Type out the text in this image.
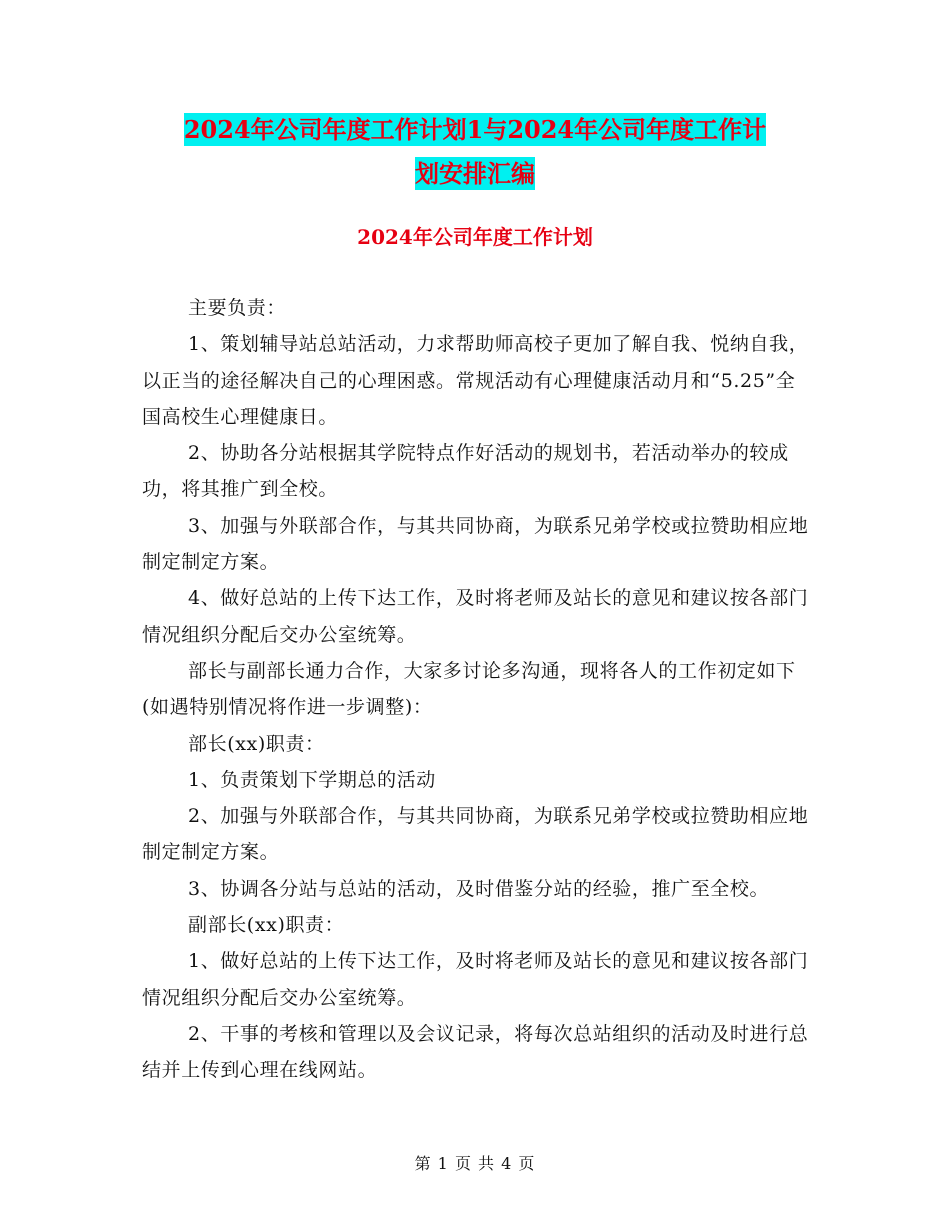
2024年公司年度工作计划1与2024年公司年度工作计
划安排汇编
2024年公司年度工作计划

主要负责：

1、策划辅导站总站活动，力求帮助师高校子更加了解自我、悦纳自我，以正当的途径解决自己的心理困惑。常规活动有心理健康活动月和“5.25”全国高校生心理健康日。

2、协助各分站根据其学院特点作好活动的规划书，若活动举办的较成功，将其推广到全校。

3、加强与外联部合作，与其共同协商，为联系兄弟学校或拉赞助相应地制定制定方案。

4、做好总站的上传下达工作，及时将老师及站长的意见和建议按各部门情况组织分配后交办公室统筹。

部长与副部长通力合作，大家多讨论多沟通，现将各人的工作初定如下(如遇特别情况将作进一步调整)：

部长(xx)职责：

1、负责策划下学期总的活动

2、加强与外联部合作，与其共同协商，为联系兄弟学校或拉赞助相应地制定制定方案。

3、协调各分站与总站的活动，及时借鉴分站的经验，推广至全校。

副部长(xx)职责：

1、做好总站的上传下达工作，及时将老师及站长的意见和建议按各部门情况组织分配后交办公室统筹。

2、干事的考核和管理以及会议记录，将每次总站组织的活动及时进行总结并上传到心理在线网站。

第 1 页 共 4 页
